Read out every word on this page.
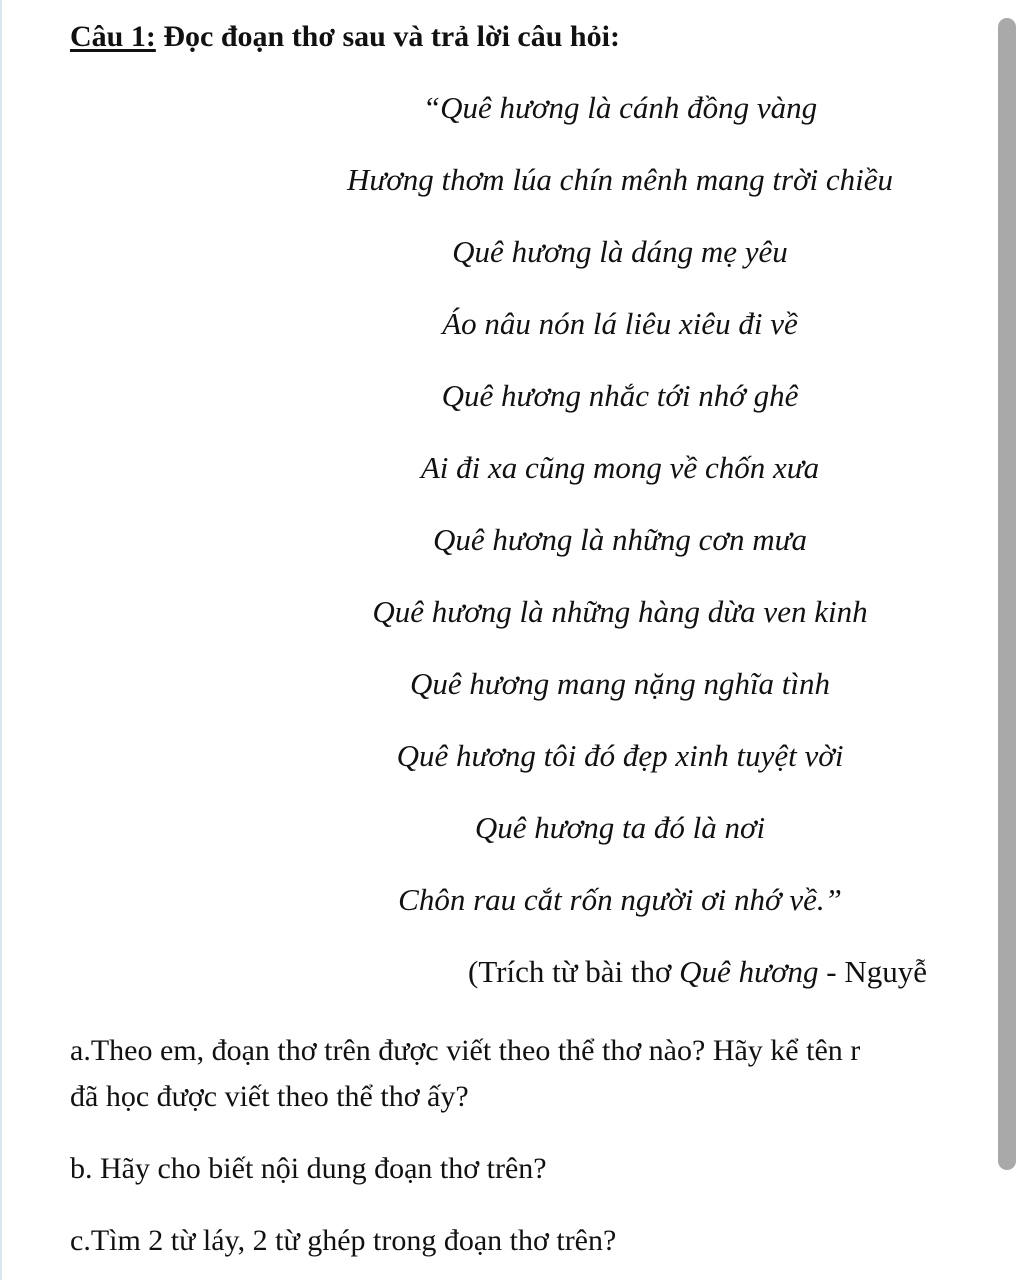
Câu 1: Đọc đoạn thơ sau và trả lời câu hỏi:
“Quê hương là cánh đồng vàng
Hương thơm lúa chín mênh mang trời chiều
Quê hương là dáng mẹ yêu
Áo nâu nón lá liêu xiêu đi về
Quê hương nhắc tới nhớ ghê
Ai đi xa cũng mong về chốn xưa
Quê hương là những cơn mưa
Quê hương là những hàng dừa ven kinh
Quê hương mang nặng nghĩa tình
Quê hương tôi đó đẹp xinh tuyệt vời
Quê hương ta đó là nơi
Chôn rau cắt rốn người ơi nhớ về.”
(Trích từ bài thơ Quê hương - Nguyễ
a.Theo em, đoạn thơ trên được viết theo thể thơ nào? Hãy kể tên r
đã học được viết theo thể thơ ấy?
b. Hãy cho biết nội dung đoạn thơ trên?
c.Tìm 2 từ láy, 2 từ ghép trong đoạn thơ trên?
